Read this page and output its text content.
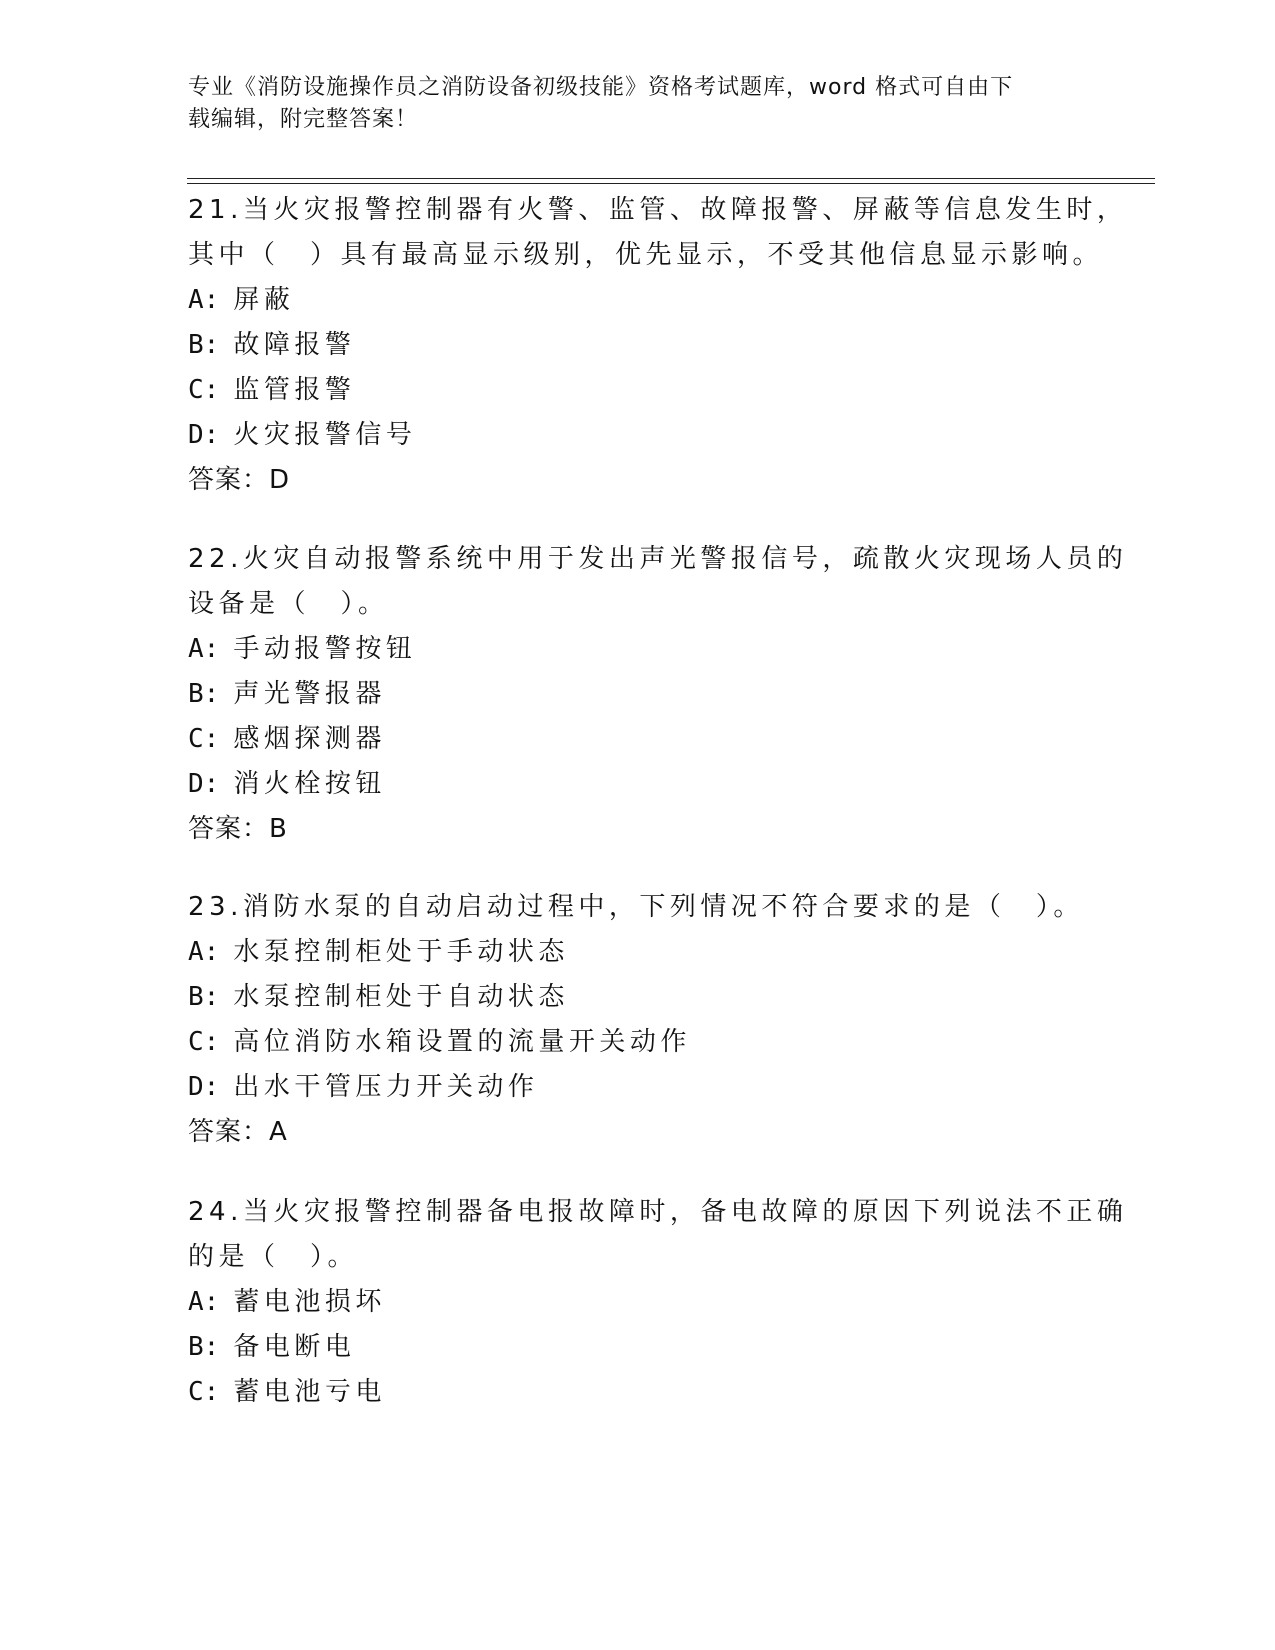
专业《消防设施操作员之消防设备初级技能》资格考试题库，word 格式可自由下
载编辑，附完整答案！
21.当火灾报警控制器有火警、监管、故障报警、屏蔽等信息发生时，
其中（　）具有最高显示级别，优先显示，不受其他信息显示影响。
A: 屏蔽
B: 故障报警
C: 监管报警
D: 火灾报警信号
答案：D
22.火灾自动报警系统中用于发出声光警报信号，疏散火灾现场人员的
设备是（　）。
A: 手动报警按钮
B: 声光警报器
C: 感烟探测器
D: 消火栓按钮
答案：B
23.消防水泵的自动启动过程中，下列情况不符合要求的是（　）。
A: 水泵控制柜处于手动状态
B: 水泵控制柜处于自动状态
C: 高位消防水箱设置的流量开关动作
D: 出水干管压力开关动作
答案：A
24.当火灾报警控制器备电报故障时，备电故障的原因下列说法不正确
的是（　）。
A: 蓄电池损坏
B: 备电断电
C: 蓄电池亏电
